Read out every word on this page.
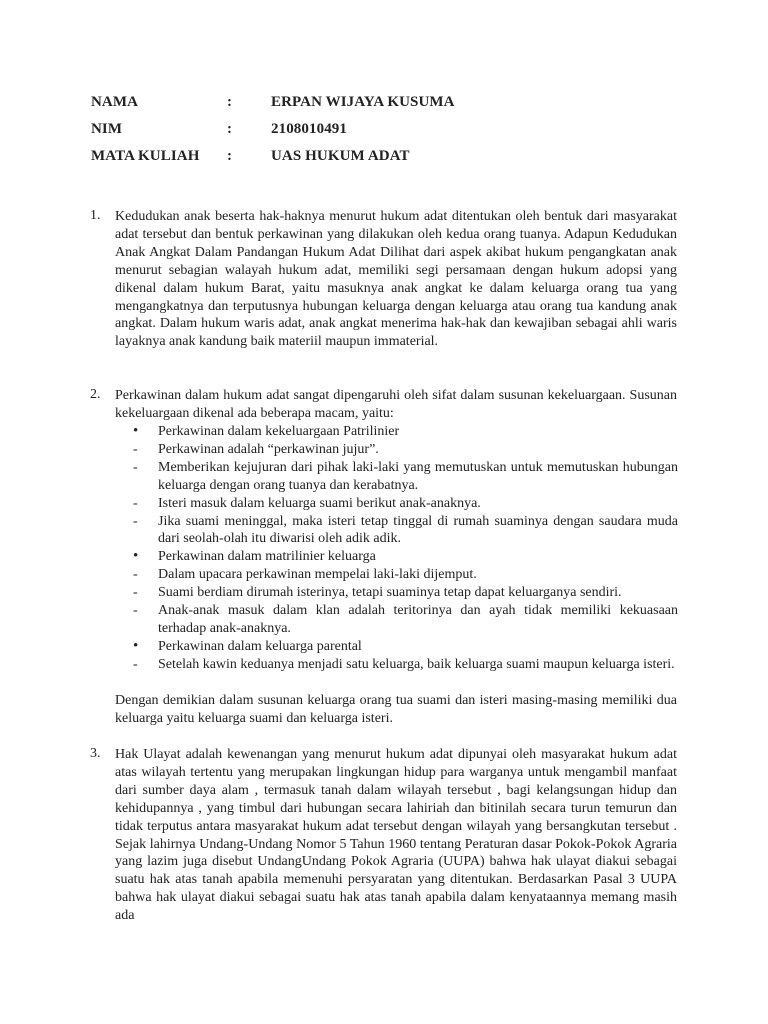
NAMA	:	ERPAN WIJAYA KUSUMA
NIM	:	2108010491
MATA KULIAH :	UAS HUKUM ADAT
1. Kedudukan anak beserta hak-haknya menurut hukum adat ditentukan oleh bentuk dari masyarakat adat tersebut dan bentuk perkawinan yang dilakukan oleh kedua orang tuanya. Adapun Kedudukan Anak Angkat Dalam Pandangan Hukum Adat Dilihat dari aspek akibat hukum pengangkatan anak menurut sebagian walayah hukum adat, memiliki segi persamaan dengan hukum adopsi yang dikenal dalam hukum Barat, yaitu masuknya anak angkat ke dalam keluarga orang tua yang mengangkatnya dan terputusnya hubungan keluarga dengan keluarga atau orang tua kandung anak angkat. Dalam hukum waris adat, anak angkat menerima hak-hak dan kewajiban sebagai ahli waris layaknya anak kandung baik materiil maupun immaterial.
2. Perkawinan dalam hukum adat sangat dipengaruhi oleh sifat dalam susunan kekeluargaan. Susunan kekeluargaan dikenal ada beberapa macam, yaitu:
•
Perkawinan dalam kekeluargaan Patrilinier
-
Perkawinan adalah “perkawinan jujur”.
-
Memberikan kejujuran dari pihak laki-laki yang memutuskan untuk memutuskan hubungan keluarga dengan orang tuanya dan kerabatnya.
-
Isteri masuk dalam keluarga suami berikut anak-anaknya.
-
Jika suami meninggal, maka isteri tetap tinggal di rumah suaminya dengan saudara muda dari seolah-olah itu diwarisi oleh adik adik.
•
Perkawinan dalam matrilinier keluarga
-
Dalam upacara perkawinan mempelai laki-laki dijemput.
-
Suami berdiam dirumah isterinya, tetapi suaminya tetap dapat keluarganya sendiri.
-
Anak-anak masuk dalam klan adalah teritorinya dan ayah tidak memiliki kekuasaan terhadap anak-anaknya.
•
Perkawinan dalam keluarga parental
-
Setelah kawin keduanya menjadi satu keluarga, baik keluarga suami maupun keluarga isteri.
Dengan demikian dalam susunan keluarga orang tua suami dan isteri masing-masing memiliki dua keluarga yaitu keluarga suami dan keluarga isteri.
3. Hak Ulayat adalah kewenangan yang menurut hukum adat dipunyai oleh masyarakat hukum adat atas wilayah tertentu yang merupakan lingkungan hidup para warganya untuk mengambil manfaat dari sumber daya alam , termasuk tanah dalam wilayah tersebut , bagi kelangsungan hidup dan kehidupannya , yang timbul dari hubungan secara lahiriah dan bitinilah secara turun temurun dan tidak terputus antara masyarakat hukum adat tersebut dengan wilayah yang bersangkutan tersebut . Sejak lahirnya Undang-Undang Nomor 5 Tahun 1960 tentang Peraturan dasar Pokok-Pokok Agraria yang lazim juga disebut UndangUndang Pokok Agraria (UUPA) bahwa hak ulayat diakui sebagai suatu hak atas tanah apabila memenuhi persyaratan yang ditentukan. Berdasarkan Pasal 3 UUPA bahwa hak ulayat diakui sebagai suatu hak atas tanah apabila dalam kenyataannya memang masih ada
